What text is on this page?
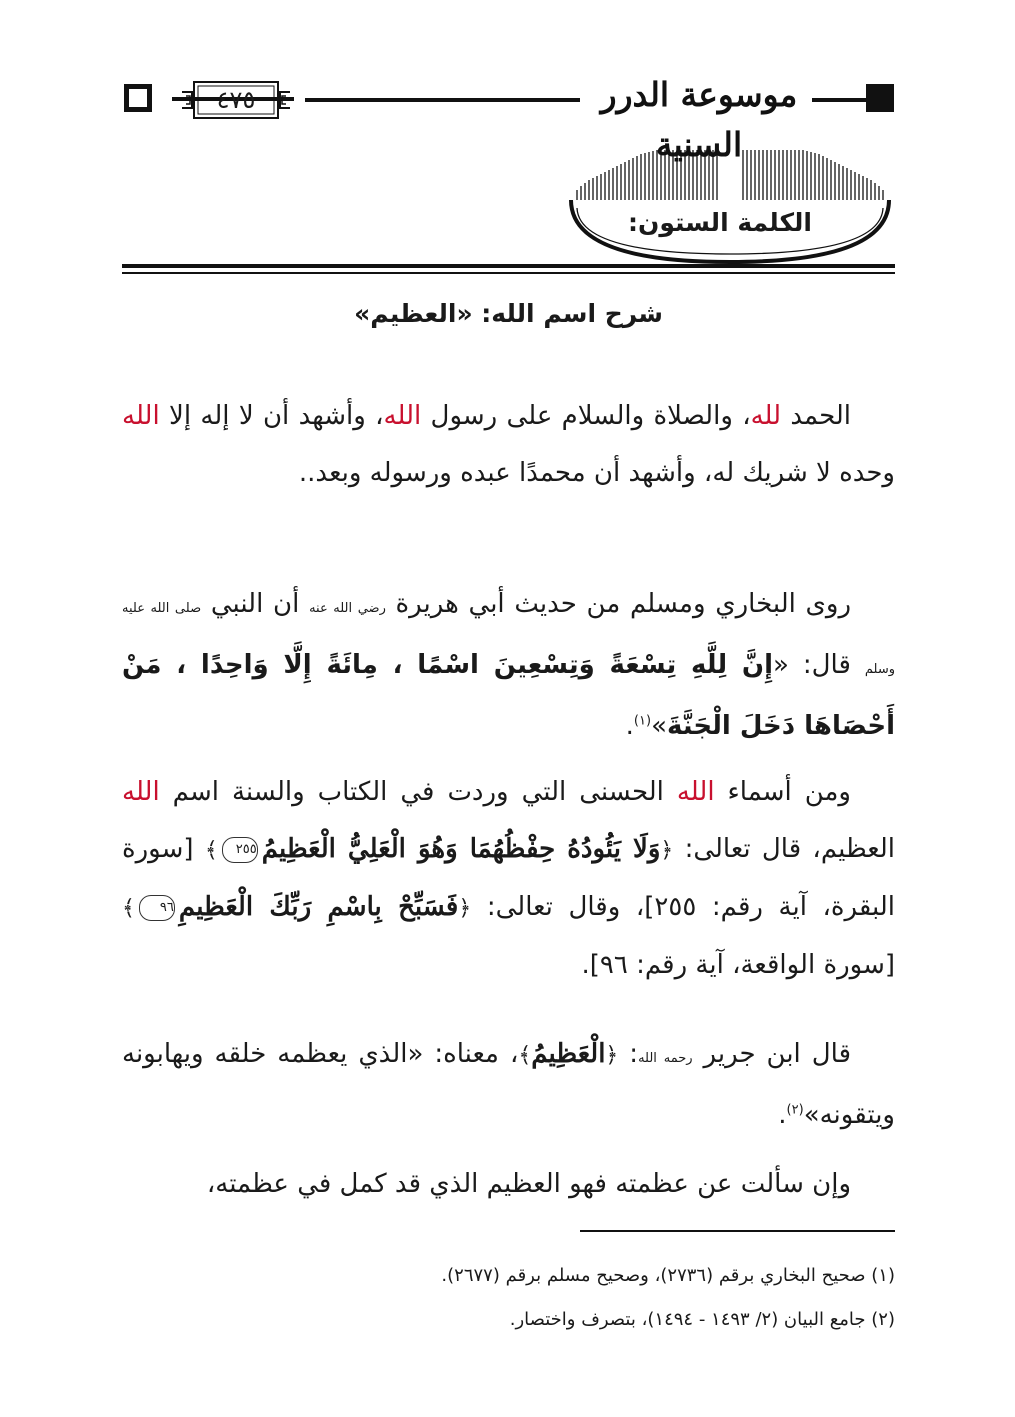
٤٧٥	موسوعة الدرر السنية
الكلمة الستون:
شرح اسم الله: «العظيم»

الحمد لله، والصلاة والسلام على رسول الله، وأشهد أن لا إله إلا الله وحده لا شريك له، وأشهد أن محمدًا عبده ورسوله وبعد..

روى البخاري ومسلم من حديث أبي هريرة رضي الله عنه أن النبي صلى الله عليه وسلم قال: «إِنَّ لِلَّهِ تِسْعَةً وَتِسْعِينَ اسْمًا ، مِائَةً إِلَّا وَاحِدًا ، مَنْ أَحْصَاهَا دَخَلَ الْجَنَّةَ»$^{(١)}$.

ومن أسماء الله الحسنى التي وردت في الكتاب والسنة اسم الله العظيم، قال تعالى: ﴿وَلَا يَئُودُهُ حِفْظُهُمَا وَهُوَ الْعَلِيُّ الْعَظِيمُ٢٥٥﴾ [سورة البقرة، آية رقم: ٢٥٥]، وقال تعالى: ﴿فَسَبِّحْ بِاسْمِ رَبِّكَ الْعَظِيمِ٩٦﴾ [سورة الواقعة، آية رقم: ٩٦].

قال ابن جرير رحمه الله: ﴿الْعَظِيمُ﴾، معناه: «الذي يعظمه خلقه ويهابونه ويتقونه»$^{(٢)}$.

وإن سألت عن عظمته فهو العظيم الذي قد كمل في عظمته،

(١) صحيح البخاري برقم (٢٧٣٦)، وصحيح مسلم برقم (٢٦٧٧).
(٢) جامع البيان (٢/ ١٤٩٣ - ١٤٩٤)، بتصرف واختصار.
